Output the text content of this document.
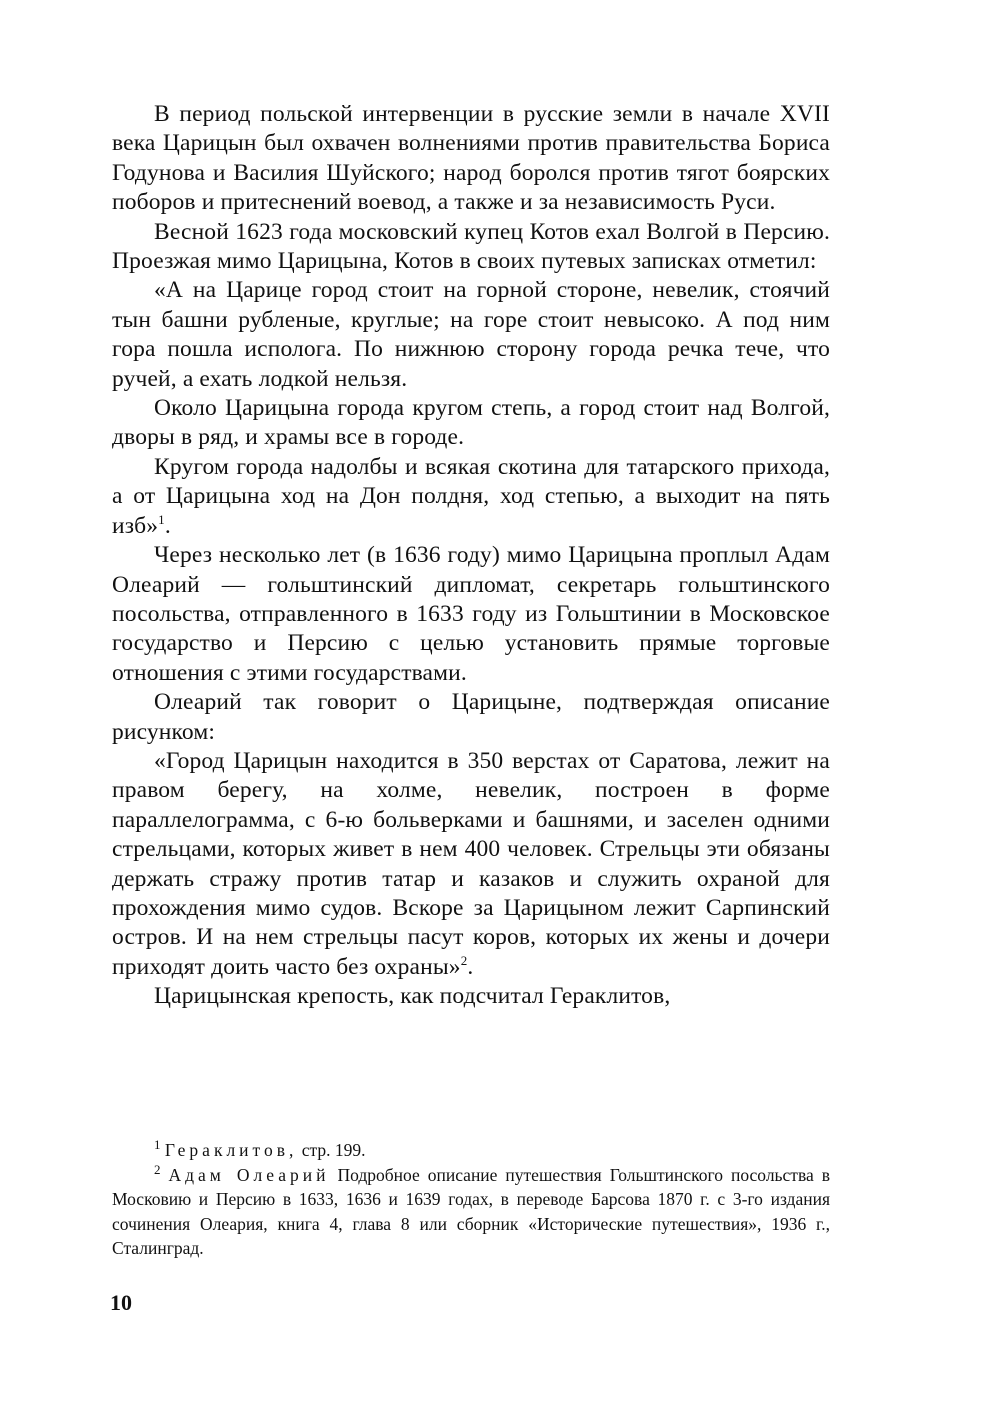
В период польской интервенции в русские земли в начале XVII века Царицын был охвачен волнениями против правительства Бориса Годунова и Василия Шуйского; народ боролся против тягот боярских поборов и притеснений воевод, а также и за независимость Руси.

Весной 1623 года московский купец Котов ехал Волгой в Персию. Проезжая мимо Царицына, Котов в своих путевых записках отметил:

«А на Царице город стоит на горной стороне, невелик, стоячий тын башни рубленые, круглые; на горе стоит невысоко. А под ним гора пошла исполога. По нижнюю сторону города речка тече, что ручей, а ехать лодкой нельзя.

Около Царицына города кругом степь, а город стоит над Волгой, дворы в ряд, и храмы все в городе.

Кругом города надолбы и всякая скотина для татарского прихода, а от Царицына ход на Дон полдня, ход степью, а выходит на пять изб»$^1$.

Через несколько лет (в 1636 году) мимо Царицына проплыл Адам Олеарий — гольштинский дипломат, секретарь гольштинского посольства, отправленного в 1633 году из Гольштинии в Московское государство и Персию с целью установить прямые торговые отношения с этими государствами.

Олеарий так говорит о Царицыне, подтверждая описание рисунком:

«Город Царицын находится в 350 верстах от Саратова, лежит на правом берегу, на холме, невелик, построен в форме параллелограмма, с 6-ю больверками и башнями, и заселен одними стрельцами, которых живет в нем 400 человек. Стрельцы эти обязаны держать стражу против татар и казаков и служить охраной для прохождения мимо судов. Вскоре за Царицыном лежит Сарпинский остров. И на нем стрельцы пасут коров, которых их жены и дочери приходят доить часто без охраны»$^2$.

Царицынская крепость, как подсчитал Гераклитов,

$^1$ Гераклитов, стр. 199.

$^2$ Адам Олеарий Подробное описание путешествия Гольштинского посольства в Московию и Персию в 1633, 1636 и 1639 годах, в переводе Барсова 1870 г. с 3-го издания сочинения Олеария, книга 4, глава 8 или сборник «Исторические путешествия», 1936 г., Сталинград.

10
